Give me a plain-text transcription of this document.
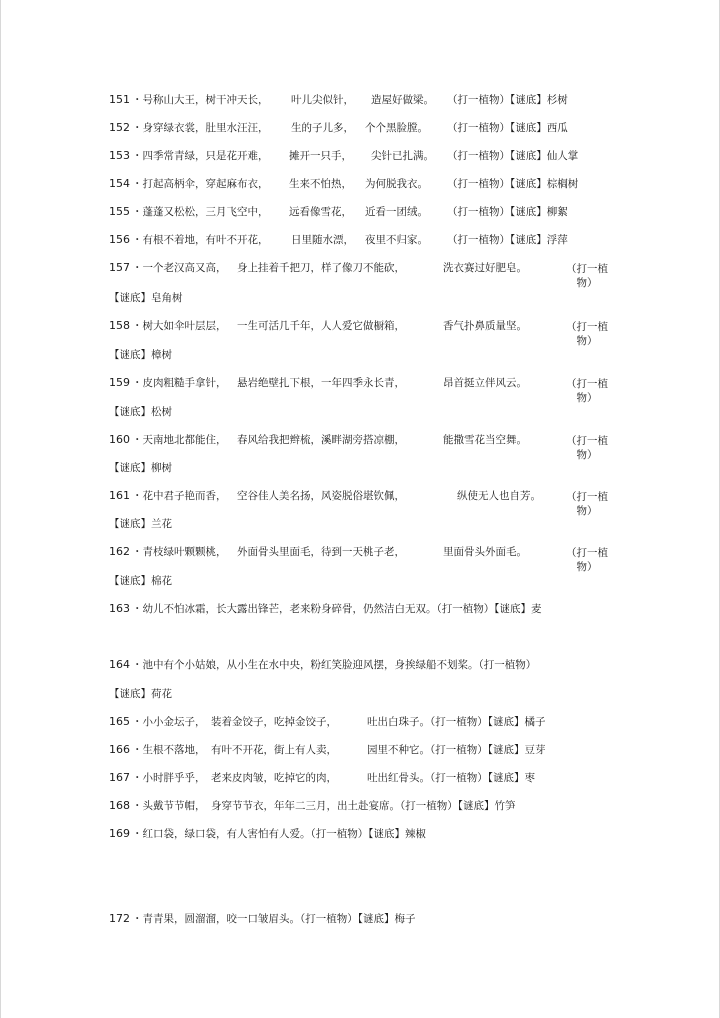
151 ・号称山大王，树干冲天长， 叶儿尖似针， 造屋好做梁。 （打一植物）【谜底】杉树
152 ・身穿绿衣裳，肚里水汪汪， 生的子儿多， 个个黑脸膛。 （打一植物）【谜底】西瓜
153 ・四季常青绿，只是花开难， 摊开一只手， 尖针已扎满。 （打一植物）【谜底】仙人掌
154 ・打起高柄伞，穿起麻布衣， 生来不怕热， 为何脱我衣。 （打一植物）【谜底】棕榈树
155 ・蓬蓬又松松，三月飞空中， 远看像雪花， 近看一团绒。 （打一植物）【谜底】柳絮
156 ・有根不着地，有叶不开花， 日里随水漂， 夜里不归家。 （打一植物）【谜底】浮萍
157 ・一个老汉高又高， 身上挂着千把刀，样了像刀不能砍，	洗衣赛过好肥皂。	（打一植
物）
【谜底】皂角树
158 ・树大如伞叶层层， 一生可活几千年，人人爱它做橱箱，	香气扑鼻质量坚。	（打一植
物）
【谜底】樟树
159 ・皮肉粗糙手拿针， 悬岩绝壁扎下根，一年四季永长青，	昂首挺立伴风云。	（打一植
物）
【谜底】松树
160 ・天南地北都能住， 春风给我把辫梳，溪畔湖旁搭凉棚，	能撒雪花当空舞。	（打一植
物）
【谜底】柳树
161 ・花中君子艳而香， 空谷佳人美名扬，风姿脱俗堪钦佩，	纵使无人也自芳。 （打一植
物）
【谜底】兰花
162 ・青枝绿叶颗颗桃， 外面骨头里面毛，待到一天桃子老，	里面骨头外面毛。	（打一植
物）
【谜底】棉花
163 ・幼儿不怕冰霜，长大露出锋芒，老来粉身碎骨，仍然洁白无双。（打一植物）【谜底】麦
164 ・池中有个小姑娘，从小生在水中央，粉红笑脸迎风摆，身挨绿船不划桨。（打一植物）
【谜底】荷花
165 ・小小金坛子， 装着金饺子，吃掉金饺子，	吐出白珠子。（打一植物）【谜底】橘子
166 ・生根不落地， 有叶不开花，街上有人卖，	园里不种它。（打一植物）【谜底】豆芽
167 ・小时胖乎乎， 老来皮肉皱，吃掉它的肉，	吐出红骨头。（打一植物）【谜底】枣
168 ・头戴节节帽， 身穿节节衣，年年二三月，出土赴宴席。（打一植物）【谜底】竹笋
169 ・红口袋，绿口袋，有人害怕有人爱。（打一植物）【谜底】辣椒
172 ・青青果，圆溜溜，咬一口皱眉头。（打一植物）【谜底】梅子
